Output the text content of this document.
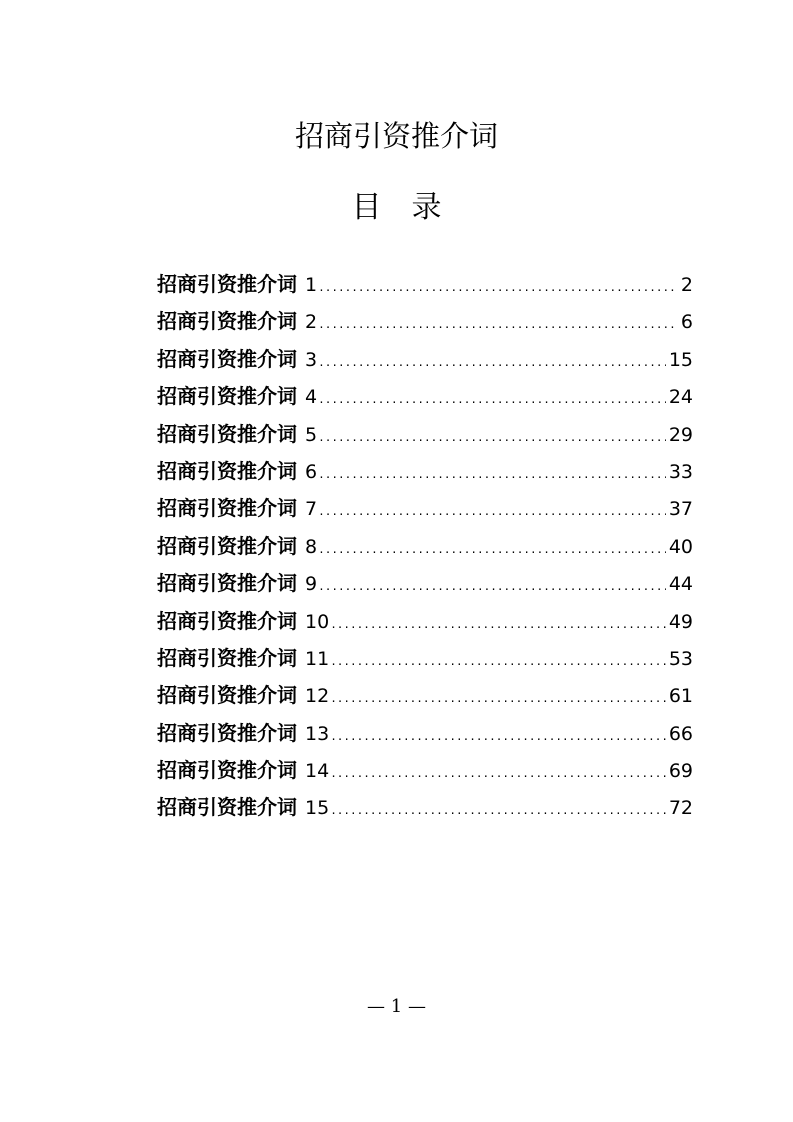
招商引资推介词
目　录
招商引资推介词 1 .....	2
招商引资推介词 2 .....	6
招商引资推介词 3 .....	15
招商引资推介词 4 .....	24
招商引资推介词 5 .....	29
招商引资推介词 6 .....	33
招商引资推介词 7 .....	37
招商引资推介词 8 .....	40
招商引资推介词 9 .....	44
招商引资推介词 10 .....	49
招商引资推介词 11 .....	53
招商引资推介词 12 .....	61
招商引资推介词 13 .....	66
招商引资推介词 14 .....	69
招商引资推介词 15 .....	72
— 1 —
